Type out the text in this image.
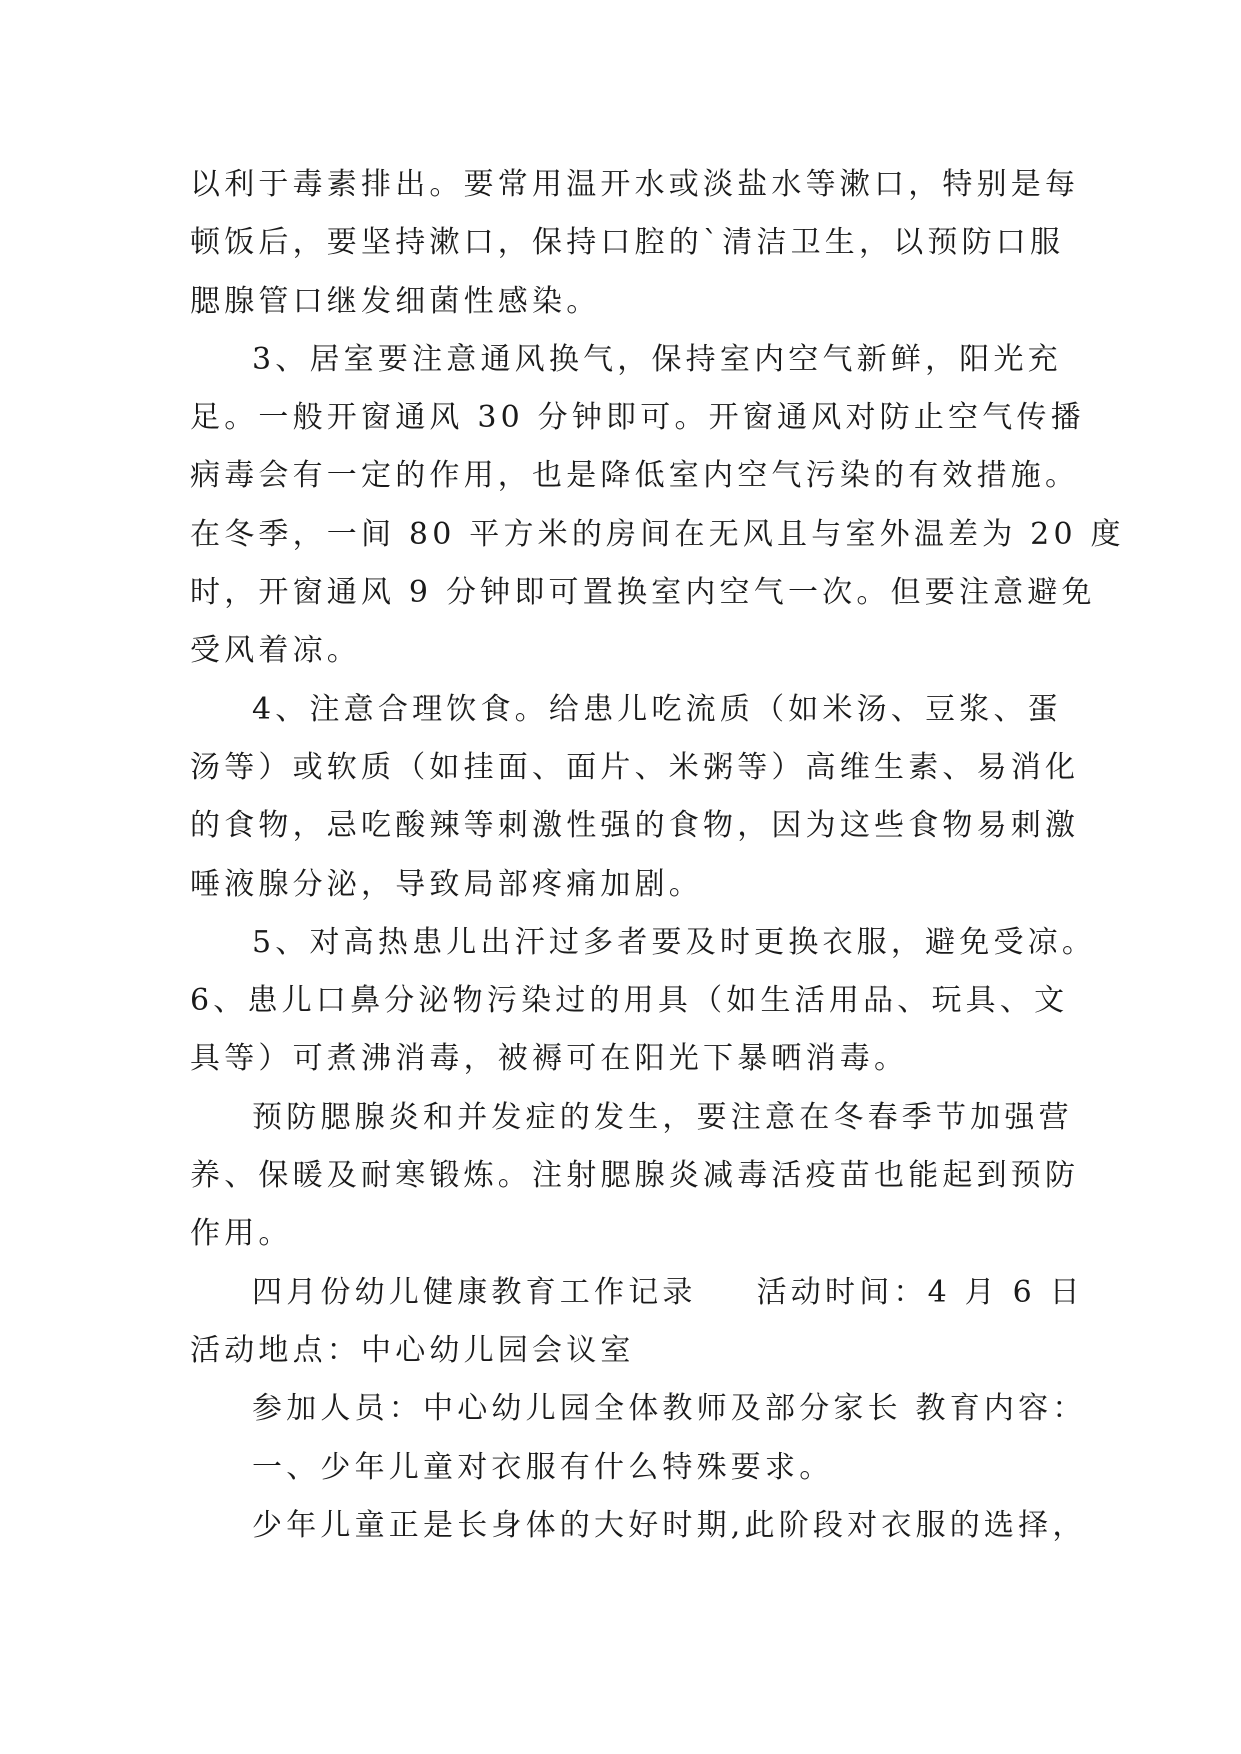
以利于毒素排出。要常用温开水或淡盐水等漱口，特别是每
顿饭后，要坚持漱口，保持口腔的`清洁卫生，以预防口服
腮腺管口继发细菌性感染。
3、居室要注意通风换气，保持室内空气新鲜，阳光充
足。一般开窗通风 30 分钟即可。开窗通风对防止空气传播
病毒会有一定的作用，也是降低室内空气污染的有效措施。
在冬季，一间 80 平方米的房间在无风且与室外温差为 20 度
时，开窗通风 9 分钟即可置换室内空气一次。但要注意避免
受风着凉。
4、注意合理饮食。给患儿吃流质（如米汤、豆浆、蛋
汤等）或软质（如挂面、面片、米粥等）高维生素、易消化
的食物，忌吃酸辣等刺激性强的食物，因为这些食物易刺激
唾液腺分泌，导致局部疼痛加剧。
5、对高热患儿出汗过多者要及时更换衣服，避免受凉。
6、患儿口鼻分泌物污染过的用具（如生活用品、玩具、文
具等）可煮沸消毒，被褥可在阳光下暴晒消毒。
预防腮腺炎和并发症的发生，要注意在冬春季节加强营
养、保暖及耐寒锻炼。注射腮腺炎减毒活疫苗也能起到预防
作用。
四月份幼儿健康教育工作记录 活动时间：4 月 6 日
活动地点：中心幼儿园会议室
参加人员：中心幼儿园全体教师及部分家长 教育内容：
一、少年儿童对衣服有什么特殊要求。
少年儿童正是长身体的大好时期,此阶段对衣服的选择，
